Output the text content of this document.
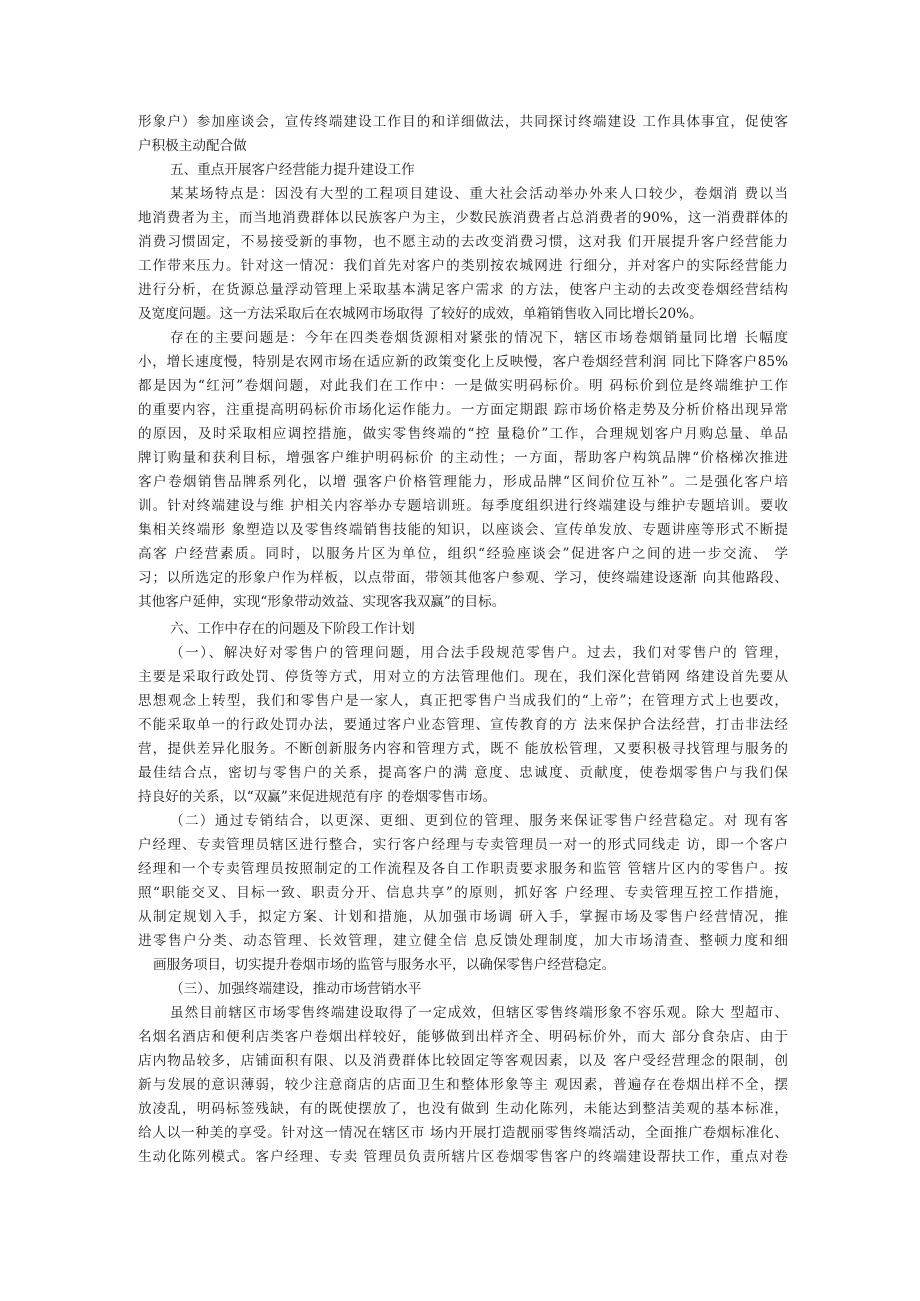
形象户）参加座谈会，宣传终端建设工作目的和详细做法，共同探讨终端建设 工作具体事宜，促使客
户积极主动配合做
五、重点开展客户经营能力提升建设工作
某某场特点是：因没有大型的工程项目建设、重大社会活动举办外来人口较少，卷烟消 费以当
地消费者为主，而当地消费群体以民族客户为主，少数民族消费者占总消费者的90%，这一消费群体的
消费习惯固定，不易接受新的事物，也不愿主动的去改变消费习惯，这对我 们开展提升客户经营能力
工作带来压力。针对这一情况：我们首先对客户的类别按农城网进 行细分，并对客户的实际经营能力
进行分析，在货源总量浮动管理上采取基本满足客户需求 的方法，使客户主动的去改变卷烟经营结构
及宽度问题。这一方法采取后在农城网市场取得 了较好的成效，单箱销售收入同比增长20%。
存在的主要问题是：今年在四类卷烟货源相对紧张的情况下，辖区市场卷烟销量同比增 长幅度
小，增长速度慢，特别是农网市场在适应新的政策变化上反映慢，客户卷烟经营利润 同比下降客户85%
都是因为“红河”卷烟问题，对此我们在工作中：一是做实明码标价。明 码标价到位是终端维护工作
的重要内容，注重提高明码标价市场化运作能力。一方面定期跟 踪市场价格走势及分析价格出现异常
的原因，及时采取相应调控措施，做实零售终端的“控 量稳价”工作，合理规划客户月购总量、单品
牌订购量和获利目标，增强客户维护明码标价 的主动性；一方面，帮助客户构筑品牌“价格梯次推进
客户卷烟销售品牌系列化，以增 强客户价格管理能力，形成品牌“区间价位互补”。二是强化客户培
训。针对终端建设与维 护相关内容举办专题培训班。每季度组织进行终端建设与维护专题培训。要收
集相关终端形 象塑造以及零售终端销售技能的知识，以座谈会、宣传单发放、专题讲座等形式不断提
高客 户经营素质。同时，以服务片区为单位，组织“经验座谈会”促进客户之间的进一步交流、 学
习；以所选定的形象户作为样板，以点带面，带领其他客户参观、学习，使终端建设逐渐 向其他路段、
其他客户延伸，实现“形象带动效益、实现客我双赢”的目标。
六、工作中存在的问题及下阶段工作计划
（一）、解决好对零售户的管理问题，用合法手段规范零售户。过去，我们对零售户的 管理，
主要是采取行政处罚、停货等方式，用对立的方法管理他们。现在，我们深化营销网 络建设首先要从
思想观念上转型，我们和零售户是一家人，真正把零售户当成我们的“上帝”；在管理方式上也要改，
不能采取单一的行政处罚办法，要通过客户业态管理、宣传教育的方 法来保护合法经营，打击非法经
营，提供差异化服务。不断创新服务内容和管理方式，既不 能放松管理，又要积极寻找管理与服务的
最佳结合点，密切与零售户的关系，提高客户的满 意度、忠诚度、贡献度，使卷烟零售户与我们保
持良好的关系，以“双赢”来促进规范有序 的卷烟零售市场。
（二）通过专销结合，以更深、更细、更到位的管理、服务来保证零售户经营稳定。对 现有客
户经理、专卖管理员辖区进行整合，实行客户经理与专卖管理员一对一的形式同线走 访，即一个客户
经理和一个专卖管理员按照制定的工作流程及各自工作职责要求服务和监管 管辖片区内的零售户。按
照“职能交叉、目标一致、职责分开、信息共享”的原则，抓好客 户经理、专卖管理互控工作措施，
从制定规划入手，拟定方案、计划和措施，从加强市场调 研入手，掌握市场及零售户经营情况，推
进零售户分类、动态管理、长效管理，建立健全信 息反馈处理制度，加大市场清查、整顿力度和细
画服务项目，切实提升卷烟市场的监管与服务水平，以确保零售户经营稳定。
（三）、加强终端建设，推动市场营销水平
虽然目前辖区市场零售终端建设取得了一定成效，但辖区零售终端形象不容乐观。除大 型超市、
名烟名酒店和便利店类客户卷烟出样较好，能够做到出样齐全、明码标价外，而大 部分食杂店、由于
店内物品较多，店铺面积有限、以及消费群体比较固定等客观因素，以及 客户受经营理念的限制，创
新与发展的意识薄弱，较少注意商店的店面卫生和整体形象等主 观因素，普遍存在卷烟出样不全，摆
放凌乱，明码标签残缺，有的既使摆放了，也没有做到 生动化陈列，未能达到整洁美观的基本标准，
给人以一种美的享受。针对这一情况在辖区市 场内开展打造靓丽零售终端活动，全面推广卷烟标准化、
生动化陈列模式。客户经理、专卖 管理员负责所辖片区卷烟零售客户的终端建设帮扶工作，重点对卷
